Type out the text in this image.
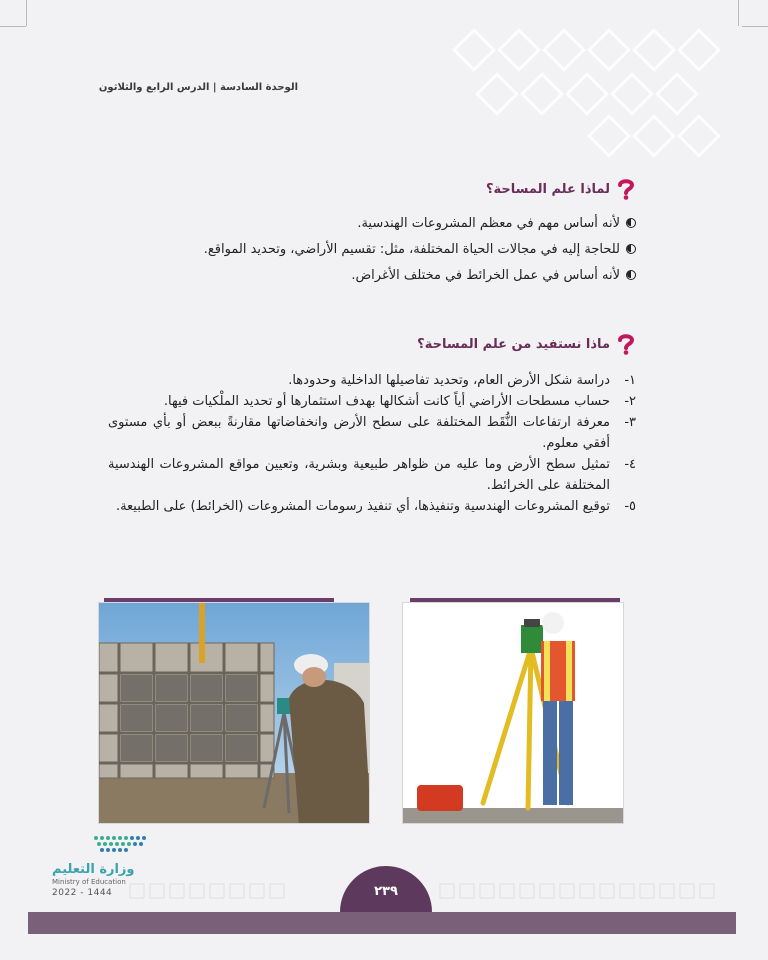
الوحدة السادسة | الدرس الرابع والثلاثون
لماذا علم المساحة؟
لأنه أساس مهم في معظم المشروعات الهندسية.
للحاجة إليه في مجالات الحياة المختلفة، مثل: تقسيم الأراضي، وتحديد المواقع.
لأنه أساس في عمل الخرائط في مختلف الأغراض.
ماذا نستفيد من علم المساحة؟
١-
دراسة شكل الأرض العام، وتحديد تفاصيلها الداخلية وحدودها.
٢-
حساب مسطحات الأراضي أياً كانت أشكالها بهدف استثمارها أو تحديد الملْكيات فيها.
٣-
معرفة ارتفاعات النُّقَط المختلفة على سطح الأرض وانخفاضاتها مقارنةً ببعض أو بأي مستوى أفقي معلوم.
٤-
تمثيل سطح الأرض وما عليه من ظواهر طبيعية وبشرية، وتعيين مواقع المشروعات الهندسية المختلفة على الخرائط.
٥-
توقيع المشروعات الهندسية وتنفيذها، أي تنفيذ رسومات المشروعات (الخرائط) على الطبيعة.
وزارة التعليم
Ministry of Education
2022 - 1444	٢٣٩
